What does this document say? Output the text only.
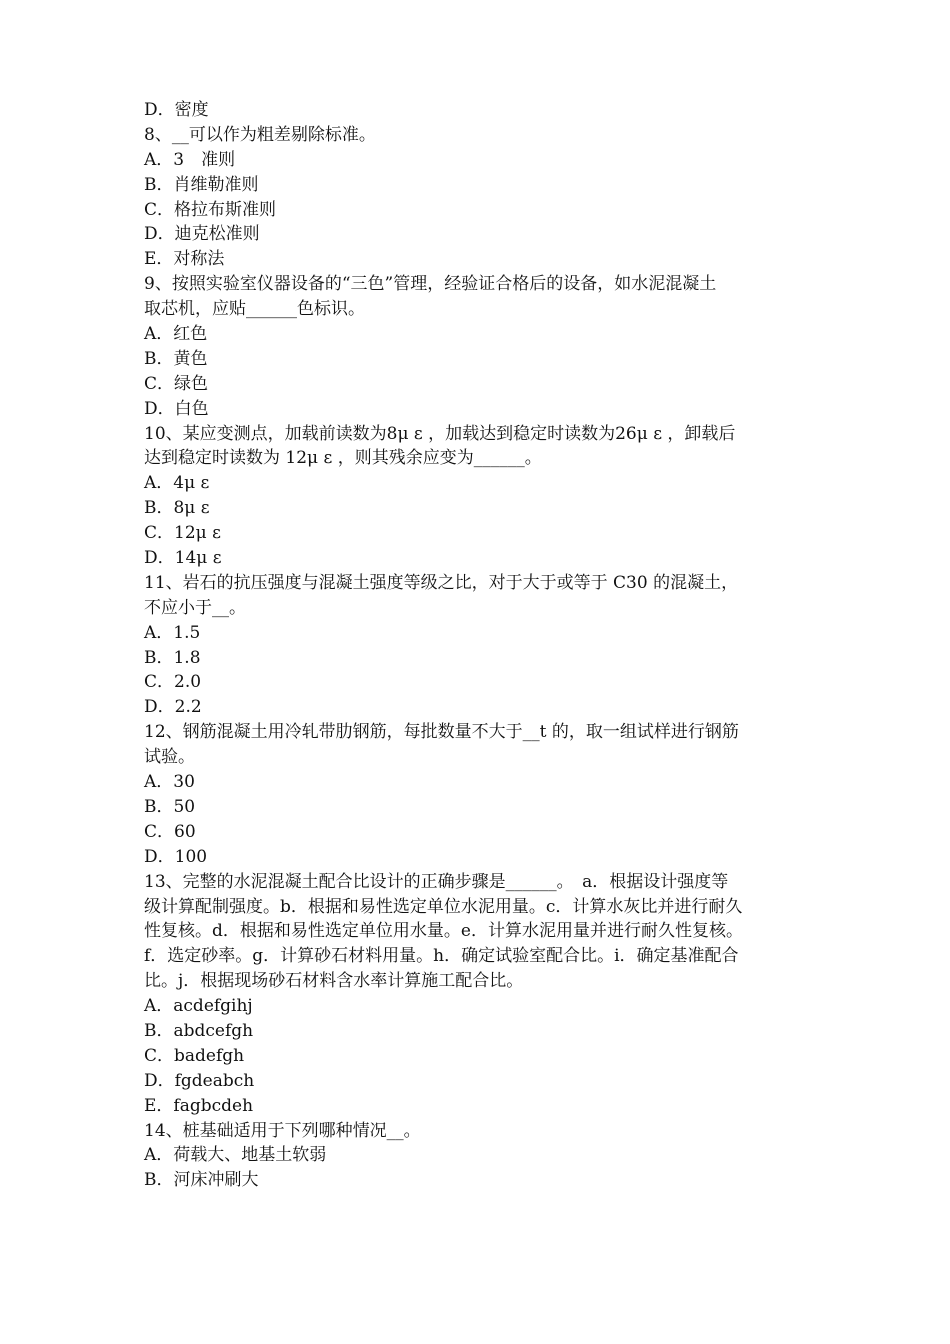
D．密度
8、__可以作为粗差剔除标准。
A．3　准则
B．肖维勒准则
C．格拉布斯准则
D．迪克松准则
E．对称法
9、按照实验室仪器设备的“三色”管理，经验证合格后的设备，如水泥混凝土
取芯机，应贴______色标识。
A．红色
B．黄色
C．绿色
D．白色
10、某应变测点，加载前读数为8μ ε ，加载达到稳定时读数为26μ ε ，卸载后
达到稳定时读数为 12μ ε ，则其残余应变为______。
A．4μ ε
B．8μ ε
C．12μ ε
D．14μ ε
11、岩石的抗压强度与混凝土强度等级之比，对于大于或等于 C30 的混凝土，
不应小于__。
A．1.5
B．1.8
C．2.0
D．2.2
12、钢筋混凝土用冷轧带肋钢筋，每批数量不大于__t 的，取一组试样进行钢筋
试验。
A．30
B．50
C．60
D．100
13、完整的水泥混凝土配合比设计的正确步骤是______。　a．根据设计强度等
级计算配制强度。b．根据和易性选定单位水泥用量。c．计算水灰比并进行耐久
性复核。d．根据和易性选定单位用水量。e．计算水泥用量并进行耐久性复核。
f．选定砂率。g．计算砂石材料用量。h．确定试验室配合比。i．确定基准配合
比。j．根据现场砂石材料含水率计算施工配合比。
A．acdefgihj
B．abdcefgh
C．badefgh
D．fgdeabch
E．fagbcdeh
14、桩基础适用于下列哪种情况__。
A．荷载大、地基土软弱
B．河床冲刷大
